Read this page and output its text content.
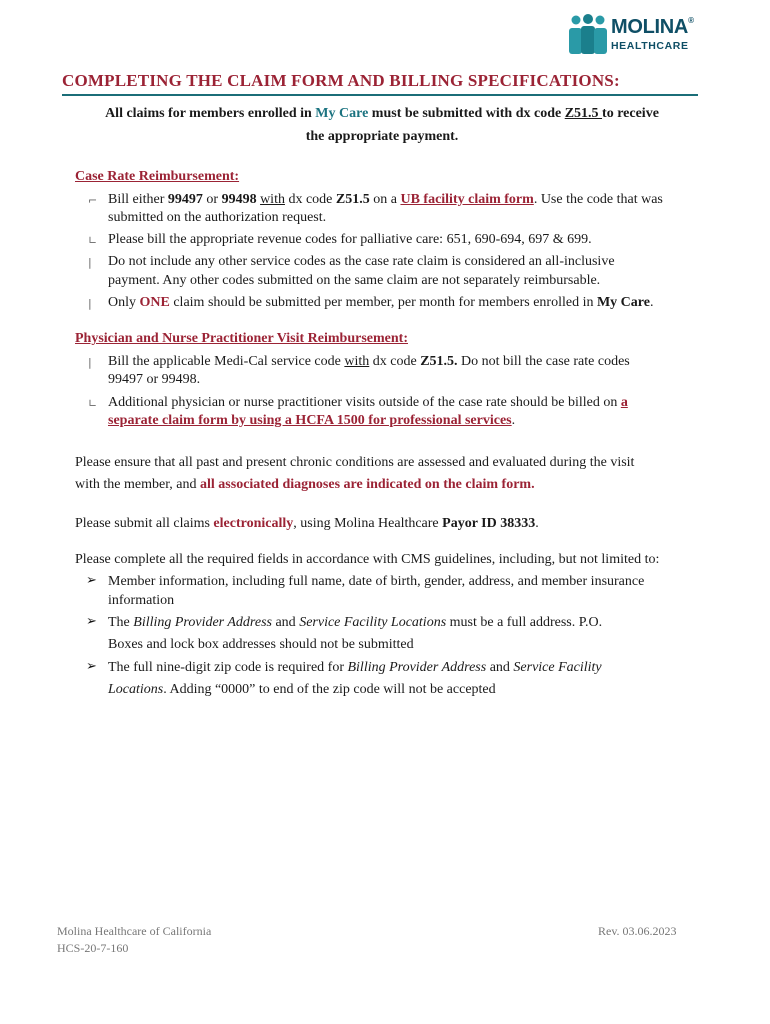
MOLINA®
HEALTHCARE
COMPLETING THE CLAIM FORM AND BILLING SPECIFICATIONS:
All claims for members enrolled in My Care must be submitted with dx code Z51.5 to receive
the appropriate payment.
Case Rate Reimbursement:
⌐ Bill either 99497 or 99498 with dx code Z51.5 on a UB facility claim form. Use the code that was
submitted on the authorization request.
∟ Please bill the appropriate revenue codes for palliative care: 651, 690-694, 697 & 699.
| Do not include any other service codes as the case rate claim is considered an all-inclusive
payment. Any other codes submitted on the same claim are not separately reimbursable.
| Only ONE claim should be submitted per member, per month for members enrolled in My Care.
Physician and Nurse Practitioner Visit Reimbursement:
| Bill the applicable Medi-Cal service code with dx code Z51.5. Do not bill the case rate codes
99497 or 99498.
∟ Additional physician or nurse practitioner visits outside of the case rate should be billed on a
separate claim form by using a HCFA 1500 for professional services.
Please ensure that all past and present chronic conditions are assessed and evaluated during the visit
with the member, and all associated diagnoses are indicated on the claim form.
Please submit all claims electronically, using Molina Healthcare Payor ID 38333.
Please complete all the required fields in accordance with CMS guidelines, including, but not limited to:
➢ Member information, including full name, date of birth, gender, address, and member insurance
information
➢ The Billing Provider Address and Service Facility Locations must be a full address. P.O.
Boxes and lock box addresses should not be submitted
➢ The full nine-digit zip code is required for Billing Provider Address and Service Facility
Locations. Adding “0000” to end of the zip code will not be accepted
Molina Healthcare of California
HCS-20-7-160
Rev. 03.06.2023
